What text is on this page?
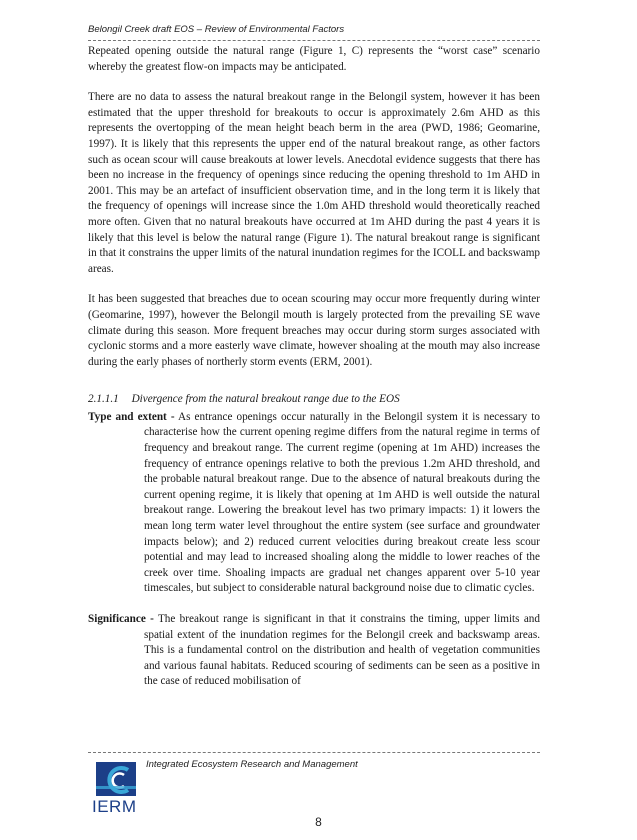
Belongil Creek draft EOS – Review of Environmental Factors

Repeated opening outside the natural range (Figure 1, C) represents the “worst case” scenario whereby the greatest flow-on impacts may be anticipated.

There are no data to assess the natural breakout range in the Belongil system, however it has been estimated that the upper threshold for breakouts to occur is approximately 2.6m AHD as this represents the overtopping of the mean height beach berm in the area (PWD, 1986; Geomarine, 1997). It is likely that this represents the upper end of the natural breakout range, as other factors such as ocean scour will cause breakouts at lower levels. Anecdotal evidence suggests that there has been no increase in the frequency of openings since reducing the opening threshold to 1m AHD in 2001. This may be an artefact of insufficient observation time, and in the long term it is likely that the frequency of openings will increase since the 1.0m AHD threshold would theoretically reached more often. Given that no natural breakouts have occurred at 1m AHD during the past 4 years it is likely that this level is below the natural range (Figure 1). The natural breakout range is significant in that it constrains the upper limits of the natural inundation regimes for the ICOLL and backswamp areas.

It has been suggested that breaches due to ocean scouring may occur more frequently during winter (Geomarine, 1997), however the Belongil mouth is largely protected from the prevailing SE wave climate during this season. More frequent breaches may occur during storm surges associated with cyclonic storms and a more easterly wave climate, however shoaling at the mouth may also increase during the early phases of northerly storm events (ERM, 2001).

2.1.1.1 Divergence from the natural breakout range due to the EOS

Type and extent - As entrance openings occur naturally in the Belongil system it is necessary to characterise how the current opening regime differs from the natural regime in terms of frequency and breakout range. The current regime (opening at 1m AHD) increases the frequency of entrance openings relative to both the previous 1.2m AHD threshold, and the probable natural breakout range. Due to the absence of natural breakouts during the current opening regime, it is likely that opening at 1m AHD is well outside the natural breakout range. Lowering the breakout level has two primary impacts: 1) it lowers the mean long term water level throughout the entire system (see surface and groundwater impacts below); and 2) reduced current velocities during breakout create less scour potential and may lead to increased shoaling along the middle to lower reaches of the creek over time. Shoaling impacts are gradual net changes apparent over 5-10 year timescales, but subject to considerable natural background noise due to climatic cycles.

Significance - The breakout range is significant in that it constrains the timing, upper limits and spatial extent of the inundation regimes for the Belongil creek and backswamp areas. This is a fundamental control on the distribution and health of vegetation communities and various faunal habitats. Reduced scouring of sediments can be seen as a positive in the case of reduced mobilisation of

IERM
Integrated Ecosystem Research and Management
8
